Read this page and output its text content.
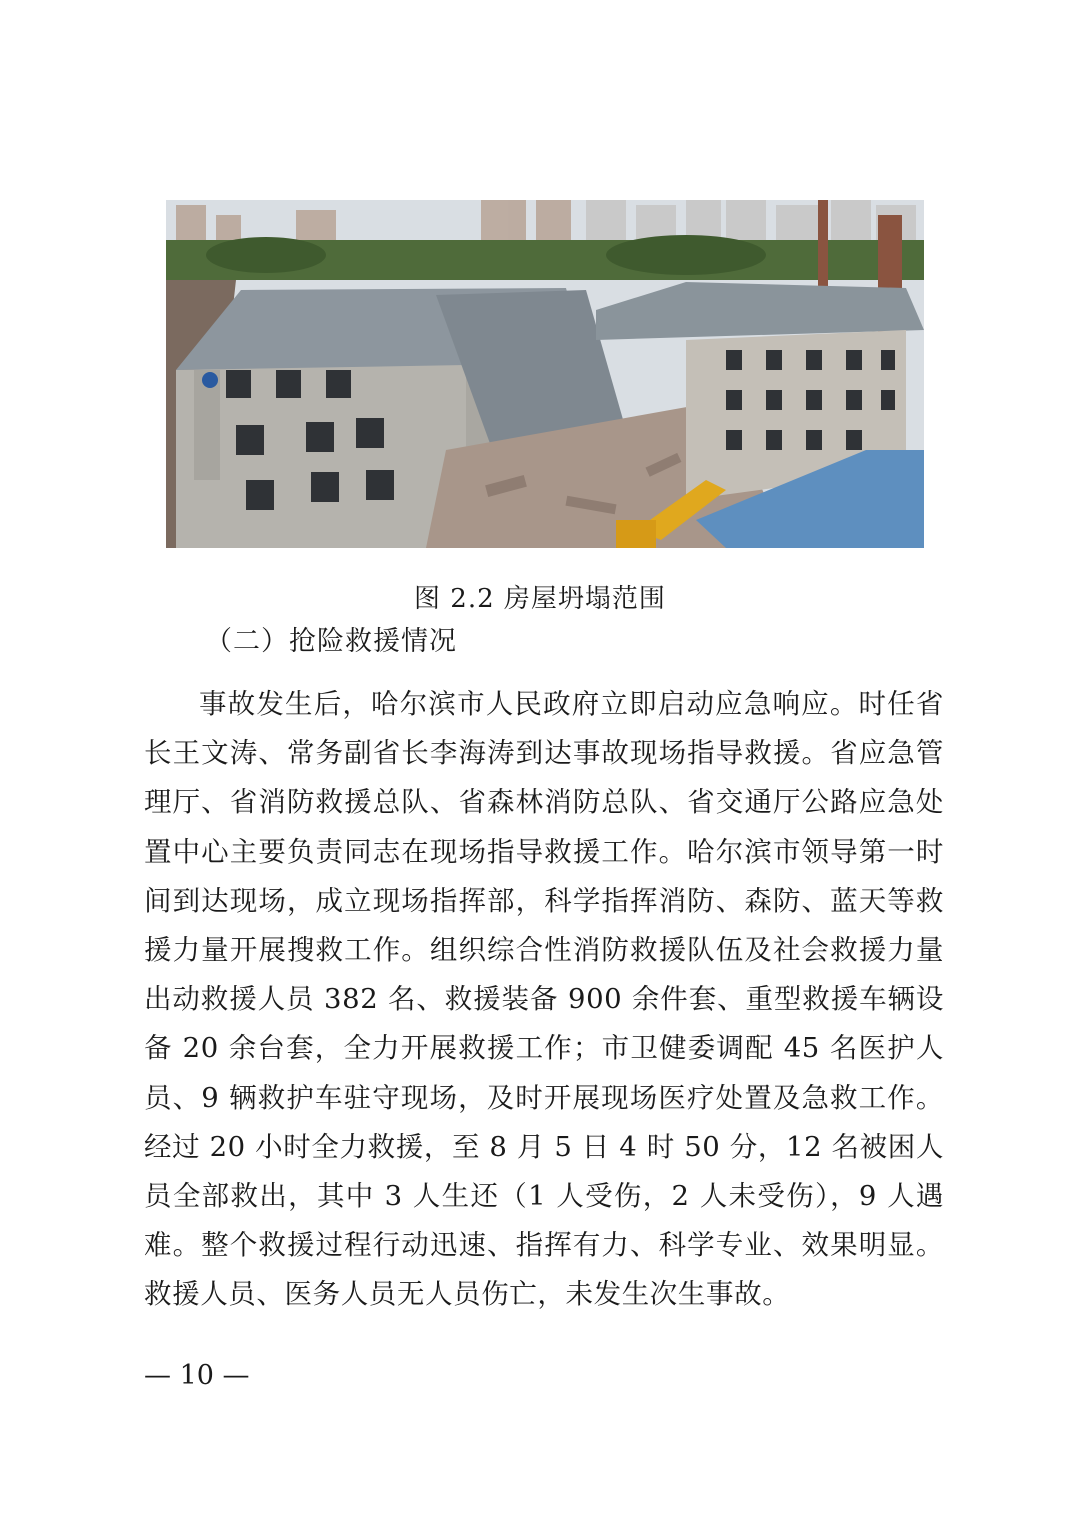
图 2.2 房屋坍塌范围
（二）抢险救援情况

事故发生后，哈尔滨市人民政府立即启动应急响应。时任省长王文涛、常务副省长李海涛到达事故现场指导救援。省应急管理厅、省消防救援总队、省森林消防总队、省交通厅公路应急处置中心主要负责同志在现场指导救援工作。哈尔滨市领导第一时间到达现场，成立现场指挥部，科学指挥消防、森防、蓝天等救援力量开展搜救工作。组织综合性消防救援队伍及社会救援力量出动救援人员 382 名、救援装备 900 余件套、重型救援车辆设备 20 余台套，全力开展救援工作；市卫健委调配 45 名医护人员、9 辆救护车驻守现场，及时开展现场医疗处置及急救工作。经过 20 小时全力救援，至 8 月 5 日 4 时 50 分，12 名被困人员全部救出，其中 3 人生还（1 人受伤，2 人未受伤），9 人遇难。整个救援过程行动迅速、指挥有力、科学专业、效果明显。救援人员、医务人员无人员伤亡，未发生次生事故。

— 10 —
